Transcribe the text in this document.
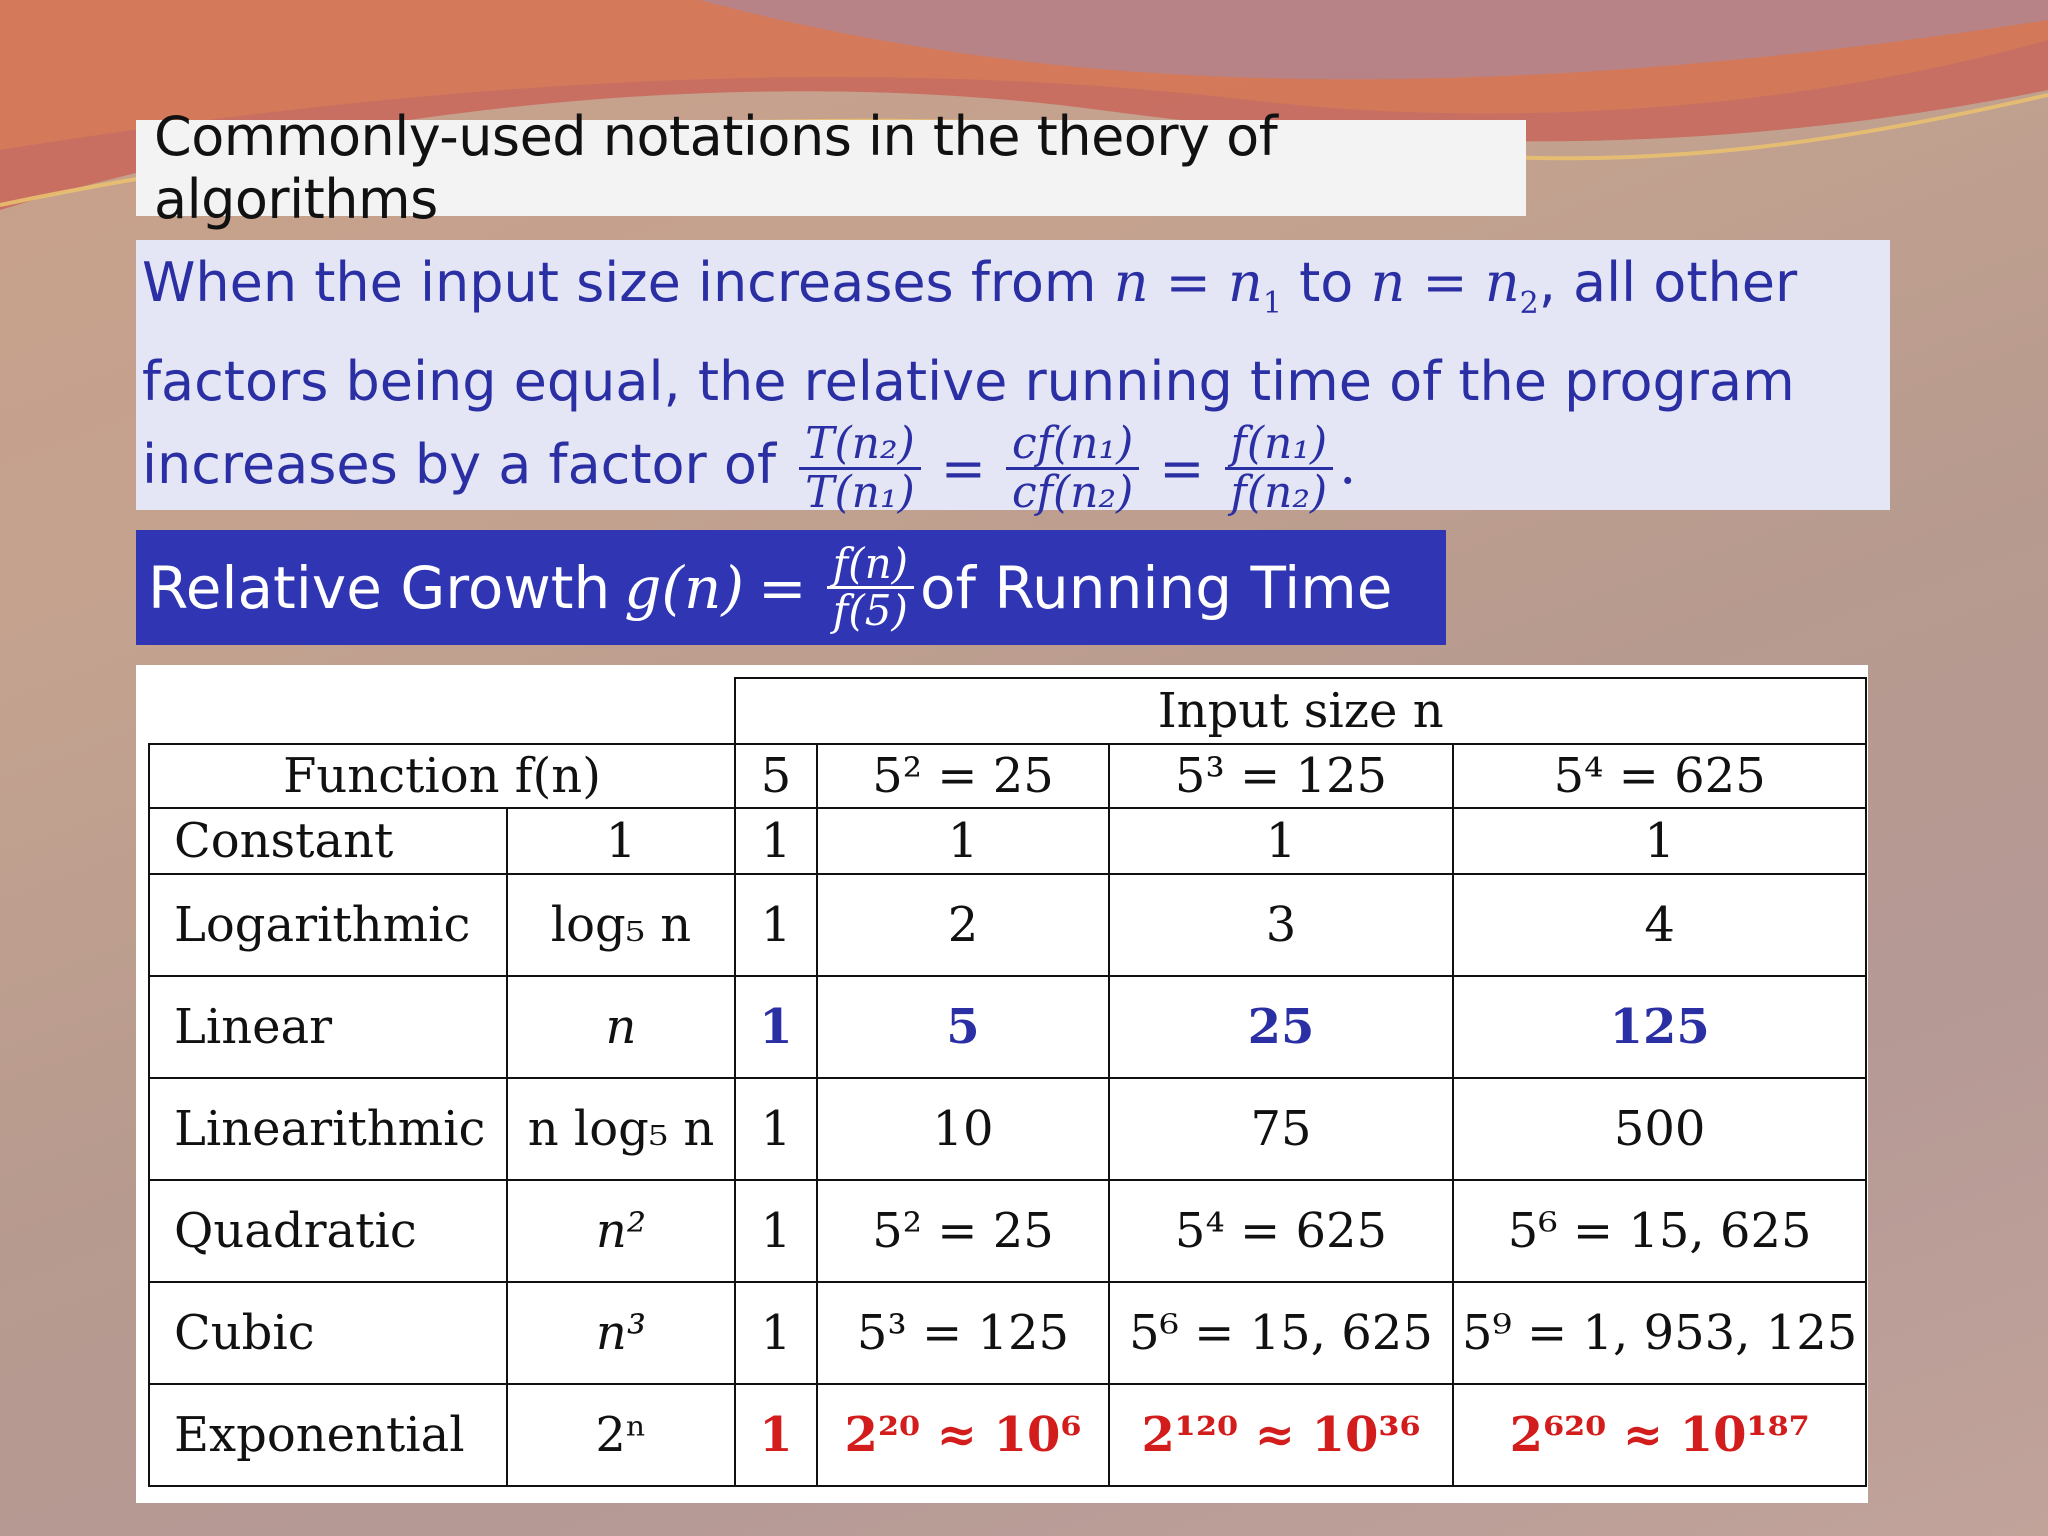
Commonly-used notations in the theory of algorithms
When the input size increases from $n = n_1$ to $n = n_2$, all other
factors being equal, the relative running time of the program
increases by a factor of $\frac{\text{T(n₂)}}{\text{T(n₁)}} = \frac{\text{cf(n₁)}}{\text{cf(n₂)}} = \frac{\text{f(n₁)}}{\text{f(n₂)}}$ .
Relative Growth $g(n) = \frac{f(n)}{f(5)}$ of Running Time
		Input size n			
Function f(n)		5	5² = 25	5³ = 125	5⁴ = 625
Constant	1	1	1	1	1
Logarithmic	log₅ n	1	2	3	4
Linear	n	1	5	25	125
Linearithmic	n log₅ n	1	10	75	500
Quadratic	n²	1	5² = 25	5⁴ = 625	5⁶ = 15, 625
Cubic	n³	1	5³ = 125	5⁶ = 15, 625	5⁹ = 1, 953, 125
Exponential	2ⁿ	1	2²⁰ ≈ 10⁶	2¹²⁰ ≈ 10³⁶	2⁶²⁰ ≈ 10¹⁸⁷
